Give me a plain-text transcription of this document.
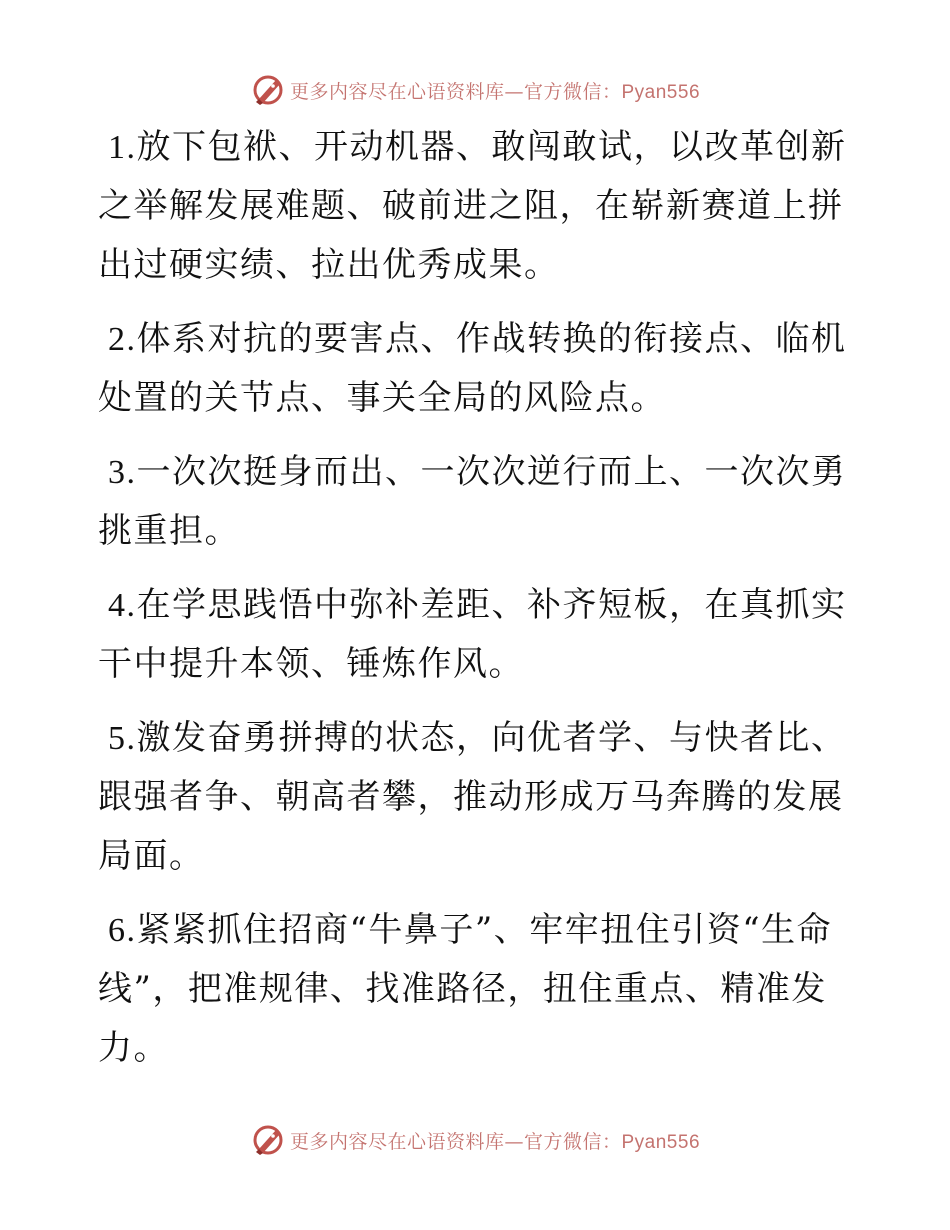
更多内容尽在心语资料库—官方微信：Pyan556

1.放下包袱、开动机器、敢闯敢试，以改革创新之举解发展难题、破前进之阻，在崭新赛道上拼出过硬实绩、拉出优秀成果。

2.体系对抗的要害点、作战转换的衔接点、临机处置的关节点、事关全局的风险点。

3.一次次挺身而出、一次次逆行而上、一次次勇挑重担。

4.在学思践悟中弥补差距、补齐短板，在真抓实干中提升本领、锤炼作风。

5.激发奋勇拼搏的状态，向优者学、与快者比、跟强者争、朝高者攀，推动形成万马奔腾的发展局面。

6.紧紧抓住招商“牛鼻子”、牢牢扭住引资“生命线”，把准规律、找准路径，扭住重点、精准发力。

更多内容尽在心语资料库—官方微信：Pyan556
